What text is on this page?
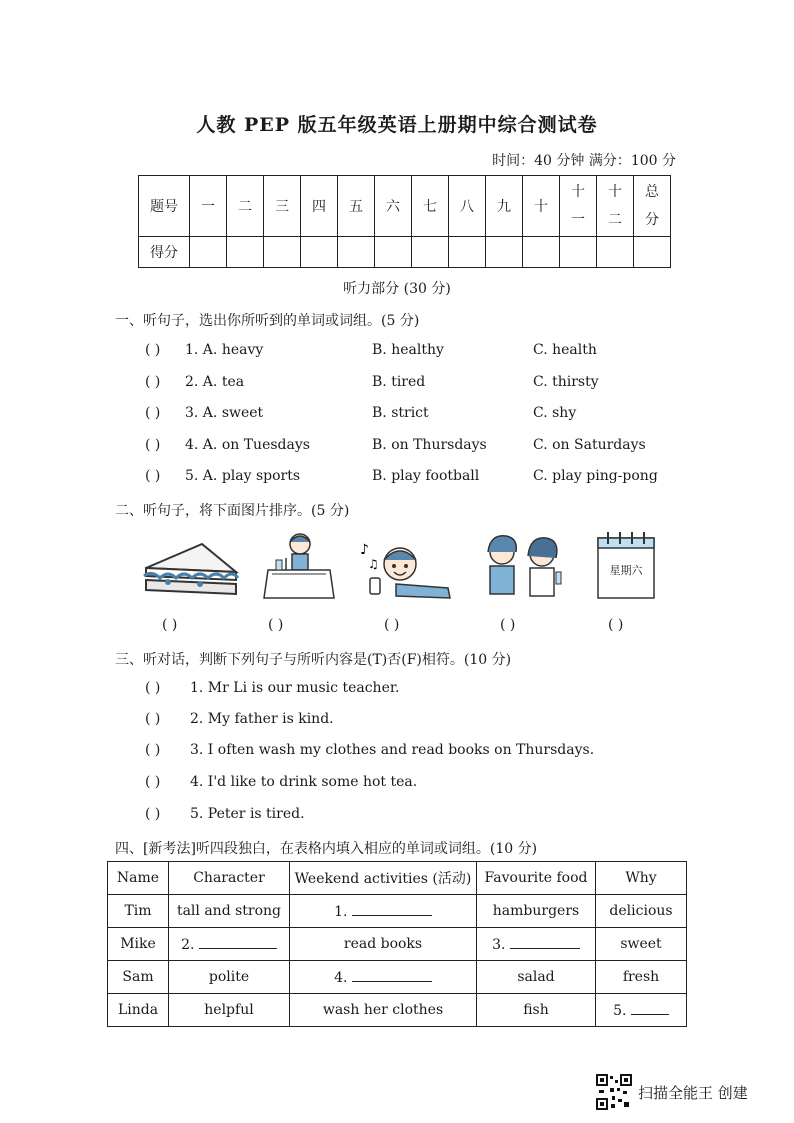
人教 PEP 版五年级英语上册期中综合测试卷
时间：40 分钟 满分：100 分
题号	一	二	三	四	五	六	七	八	九	十	十一	十二	总分

得分													
听力部分 (30 分)
一、听句子，选出你所听到的单词或词组。(5 分)
( ) 1. A. heavy	B. healthy	C. health
( ) 2. A. tea	B. tired	C. thirsty
( ) 3. A. sweet	B. strict	C. shy
( ) 4. A. on Tuesdays	B. on Thursdays	C. on Saturdays
( ) 5. A. play sports	B. play football	C. play ping-pong
二、听句子，将下面图片排序。(5 分)
♪
♫	星期六
( )	( )	( )	( )	( )
三、听对话，判断下列句子与所听内容是(T)否(F)相符。(10 分)
( ) 1. Mr Li is our music teacher.
( ) 2. My father is kind.
( ) 3. I often wash my clothes and read books on Thursdays.
( ) 4. I'd like to drink some hot tea.
( ) 5. Peter is tired.
四、[新考法]听四段独白，在表格内填入相应的单词或词组。(10 分)
Name	Character	Weekend activities (活动)	Favourite food	Why
Tim	tall and strong	1.	hamburgers	delicious
Mike	2.	read books	3.	sweet
Sam	polite	4.	salad	fresh
Linda	helpful	wash her clothes	fish	5.
扫描全能王 创建
